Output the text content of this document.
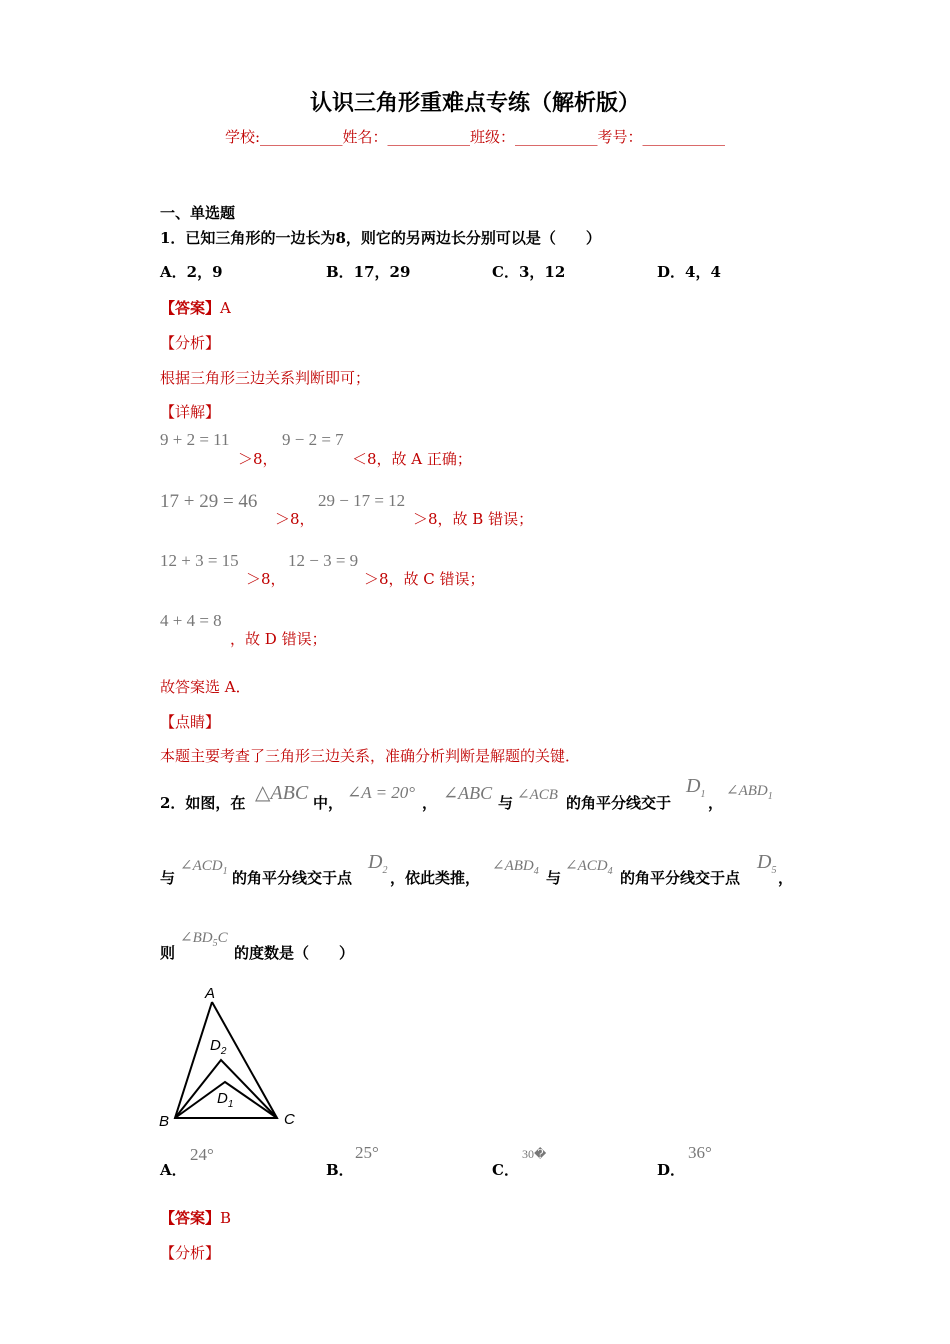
认识三角形重难点专练（解析版）
学校:___________姓名：___________班级：___________考号：___________
一、单选题
1．已知三角形的一边长为8，则它的另两边长分别可以是（　　）
A．2，9	B．17，29	C．3，12	D．4，4
【答案】A
【分析】
根据三角形三边关系判断即可；
【详解】
9 + 2 = 11
＞8，
9 − 2 = 7
＜8，故 A 正确；
17 + 29 = 46
＞8，
29 − 17 = 12
＞8，故 B 错误；
12 + 3 = 15
＞8，
12 − 3 = 9
＞8，故 C 错误；
4 + 4 = 8
，故 D 错误；
故答案选 A．
【点睛】
本题主要考查了三角形三边关系，准确分析判断是解题的关键．
2．如图，在 △ABC 中，
∠A = 20°
， ∠ABC 与 ∠ACB 的角平分线交于
$D_1$ ，
$\angle ABD_1$
与
$\angle ACD_1$ 的角平分线交于点
$D_2$ ，依此类推，
$\angle ABD_4$ 与
$\angle ACD_4$ 的角平分线交于点
$D_5$ ，
则
$\angle BD_5C$
的度数是（　　）
A
B	C
$D_2$
$D_1$
A．
24°
B．
25°
C．
30�
D．
36°
【答案】B
【分析】
